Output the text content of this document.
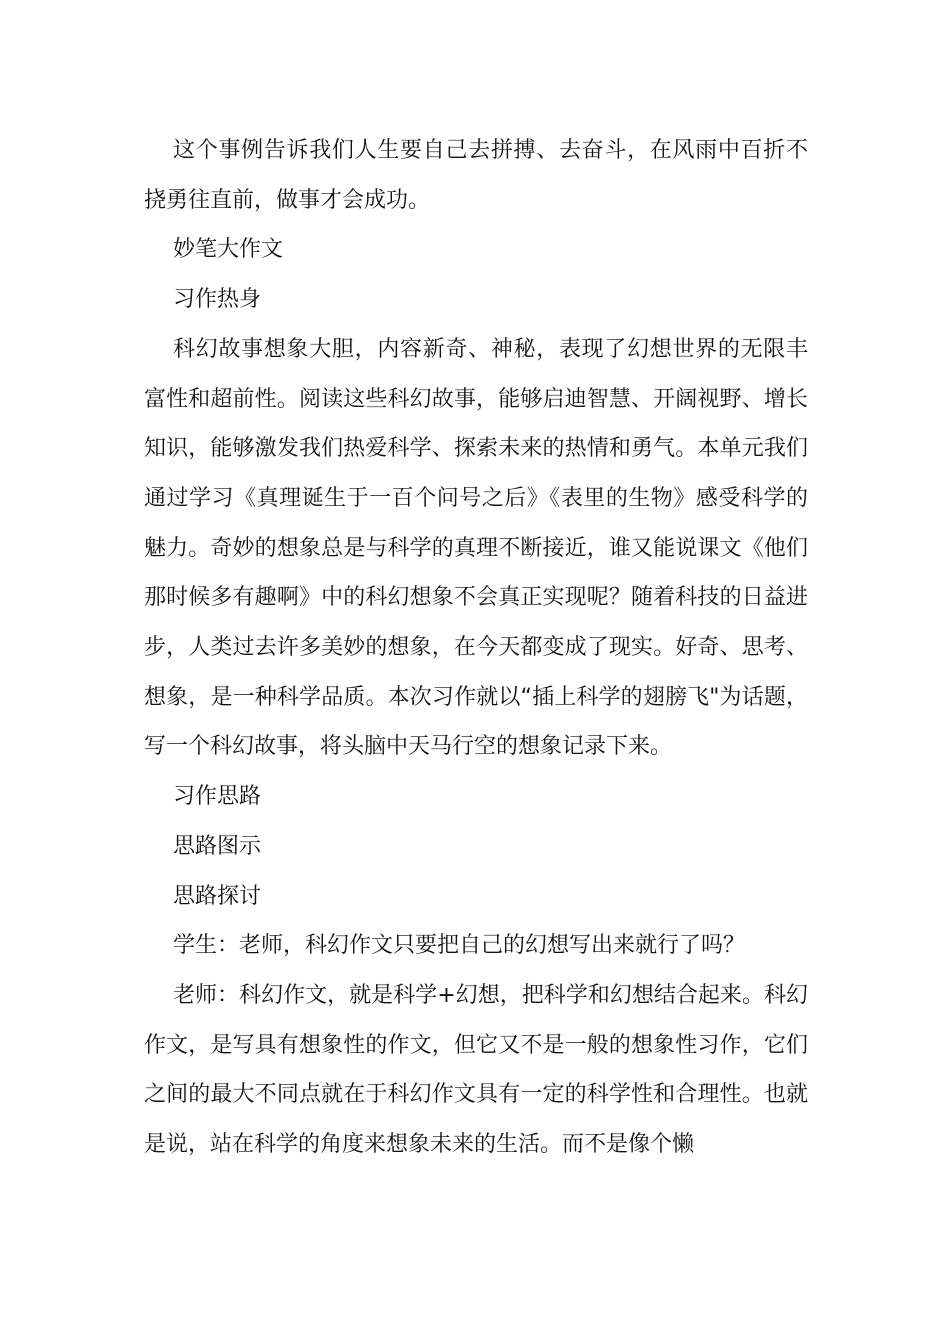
这个事例告诉我们人生要自己去拼搏、去奋斗，在风雨中百折不挠勇往直前，做事才会成功。

妙笔大作文

习作热身

科幻故事想象大胆，内容新奇、神秘，表现了幻想世界的无限丰富性和超前性。阅读这些科幻故事，能够启迪智慧、开阔视野、增长知识，能够激发我们热爱科学、探索未来的热情和勇气。本单元我们通过学习《真理诞生于一百个问号之后》《表里的生物》感受科学的魅力。奇妙的想象总是与科学的真理不断接近，谁又能说课文《他们那时候多有趣啊》中的科幻想象不会真正实现呢？随着科技的日益进步，人类过去许多美妙的想象，在今天都变成了现实。好奇、思考、想象，是一种科学品质。本次习作就以“插上科学的翅膀飞"为话题，写一个科幻故事，将头脑中天马行空的想象记录下来。

习作思路

思路图示

思路探讨

学生：老师，科幻作文只要把自己的幻想写出来就行了吗？

老师：科幻作文，就是科学+幻想，把科学和幻想结合起来。科幻作文，是写具有想象性的作文，但它又不是一般的想象性习作，它们之间的最大不同点就在于科幻作文具有一定的科学性和合理性。也就是说，站在科学的角度来想象未来的生活。而不是像个懒
